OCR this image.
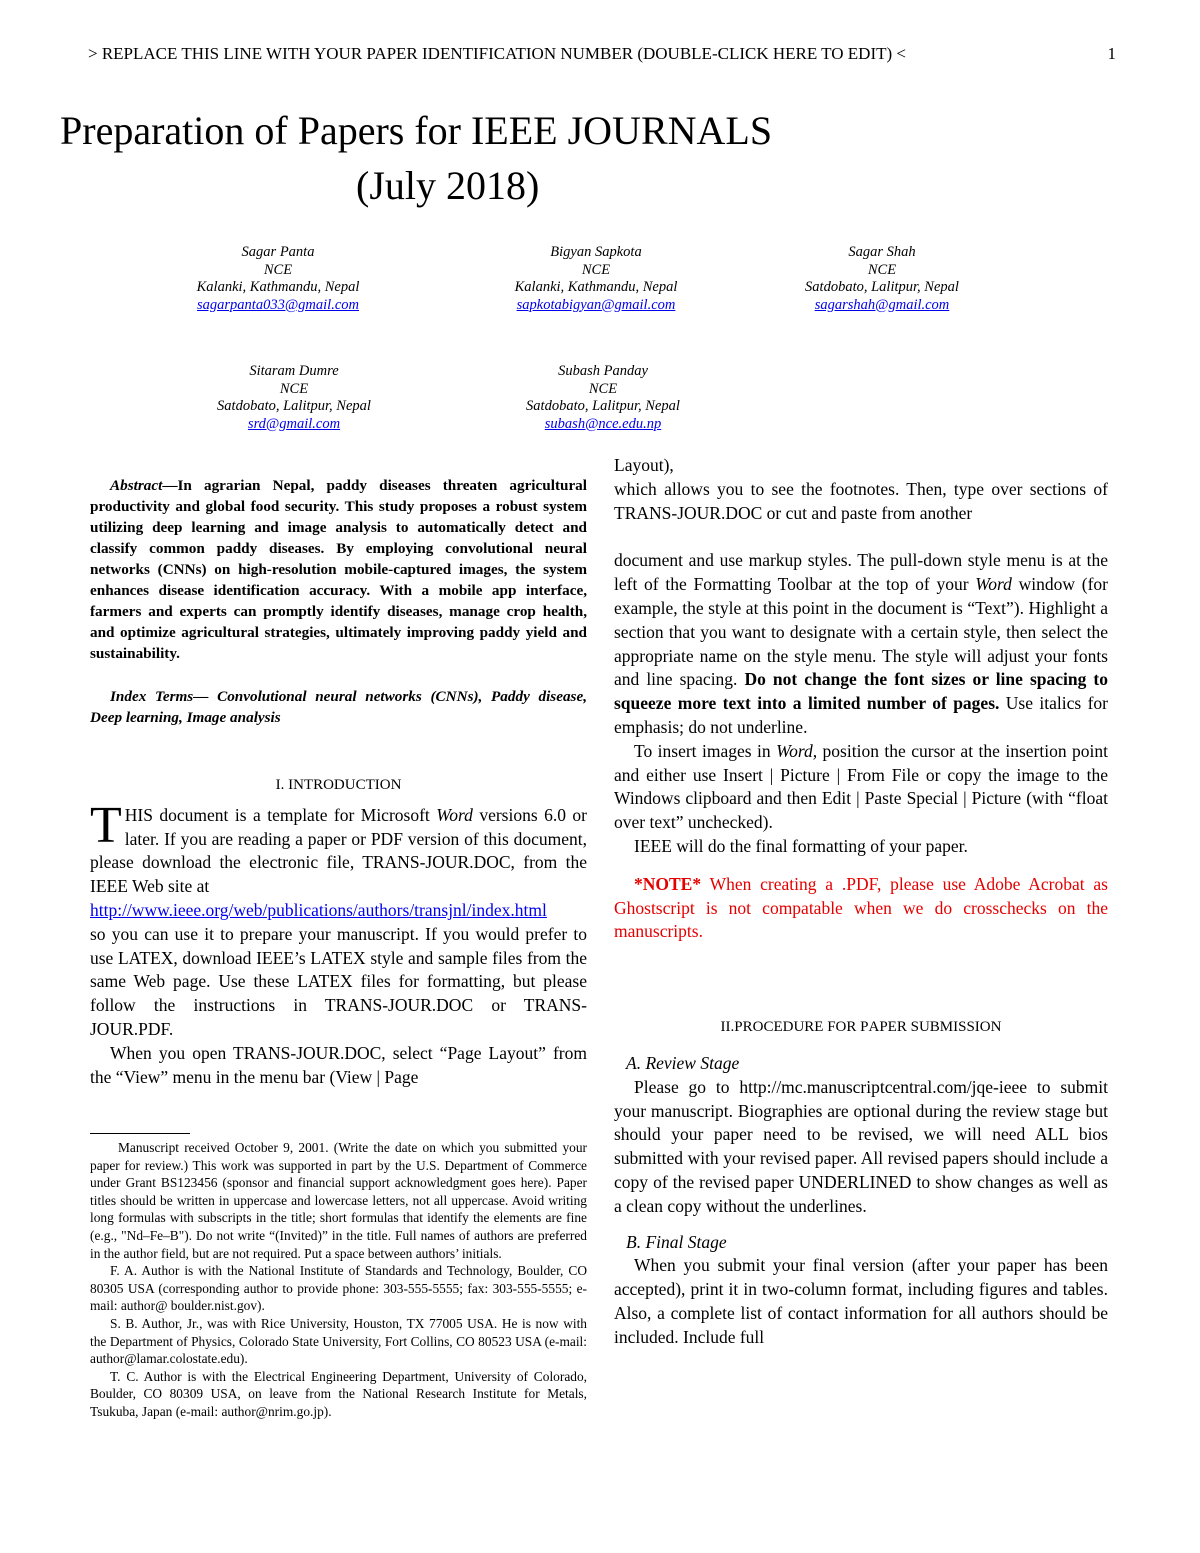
> REPLACE THIS LINE WITH YOUR PAPER IDENTIFICATION NUMBER (DOUBLE-CLICK HERE TO EDIT) <	1
Preparation of Papers for IEEE JOURNALS
(July 2018)
Sagar Panta
NCE
Kalanki, Kathmandu, Nepal
sagarpanta033@gmail.com
Bigyan Sapkota
NCE
Kalanki, Kathmandu, Nepal
sapkotabigyan@gmail.com
Sagar Shah
NCE
Satdobato, Lalitpur, Nepal
sagarshah@gmail.com
Sitaram Dumre
NCE
Satdobato, Lalitpur, Nepal
srd@gmail.com
Subash Panday
NCE
Satdobato, Lalitpur, Nepal
subash@nce.edu.np

Abstract—In agrarian Nepal, paddy diseases threaten agricultural productivity and global food security. This study proposes a robust system utilizing deep learning and image analysis to automatically detect and classify common paddy diseases. By employing convolutional neural networks (CNNs) on high-resolution mobile-captured images, the system enhances disease identification accuracy. With a mobile app interface, farmers and experts can promptly identify diseases, manage crop health, and optimize agricultural strategies, ultimately improving paddy yield and sustainability.

Index Terms— Convolutional neural networks (CNNs), Paddy disease, Deep learning, Image analysis

I. INTRODUCTION

THIS document is a template for Microsoft Word versions 6.0 or later. If you are reading a paper or PDF version of this document, please download the electronic file, TRANS-JOUR.DOC, from the IEEE Web site at

http://www.ieee.org/web/publications/authors/transjnl/index.html

so you can use it to prepare your manuscript. If you would prefer to use LATEX, download IEEE’s LATEX style and sample files from the same Web page. Use these LATEX files for formatting, but please follow the instructions in TRANS-JOUR.DOC or TRANS-JOUR.PDF.

When you open TRANS-JOUR.DOC, select “Page Layout” from the “View” menu in the menu bar (View | Page

Manuscript received October 9, 2001. (Write the date on which you submitted your paper for review.) This work was supported in part by the U.S. Department of Commerce under Grant BS123456 (sponsor and financial support acknowledgment goes here). Paper titles should be written in uppercase and lowercase letters, not all uppercase. Avoid writing long formulas with subscripts in the title; short formulas that identify the elements are fine (e.g., "Nd–Fe–B"). Do not write “(Invited)” in the title. Full names of authors are preferred in the author field, but are not required. Put a space between authors’ initials.

F. A. Author is with the National Institute of Standards and Technology, Boulder, CO 80305 USA (corresponding author to provide phone: 303-555-5555; fax: 303-555-5555; e-mail: author@ boulder.nist.gov).

S. B. Author, Jr., was with Rice University, Houston, TX 77005 USA. He is now with the Department of Physics, Colorado State University, Fort Collins, CO 80523 USA (e-mail: author@lamar.colostate.edu).

T. C. Author is with the Electrical Engineering Department, University of Colorado, Boulder, CO 80309 USA, on leave from the National Research Institute for Metals, Tsukuba, Japan (e-mail: author@nrim.go.jp).

Layout),

which allows you to see the footnotes. Then, type over sections of TRANS-JOUR.DOC or cut and paste from another

document and use markup styles. The pull-down style menu is at the left of the Formatting Toolbar at the top of your Word window (for example, the style at this point in the document is “Text”). Highlight a section that you want to designate with a certain style, then select the appropriate name on the style menu. The style will adjust your fonts and line spacing. Do not change the font sizes or line spacing to squeeze more text into a limited number of pages. Use italics for emphasis; do not underline.

To insert images in Word, position the cursor at the insertion point and either use Insert | Picture | From File or copy the image to the Windows clipboard and then Edit | Paste Special | Picture (with “float over text” unchecked).

IEEE will do the final formatting of your paper.

*NOTE* When creating a .PDF, please use Adobe Acrobat as Ghostscript is not compatable when we do crosschecks on the manuscripts.

II.PROCEDURE FOR PAPER SUBMISSION

A. Review Stage

Please go to http://mc.manuscriptcentral.com/jqe-ieee to submit your manuscript. Biographies are optional during the review stage but should your paper need to be revised, we will need ALL bios submitted with your revised paper. All revised papers should include a copy of the revised paper UNDERLINED to show changes as well as a clean copy without the underlines.

B. Final Stage

When you submit your final version (after your paper has been accepted), print it in two-column format, including figures and tables. Also, a complete list of contact information for all authors should be included. Include full
